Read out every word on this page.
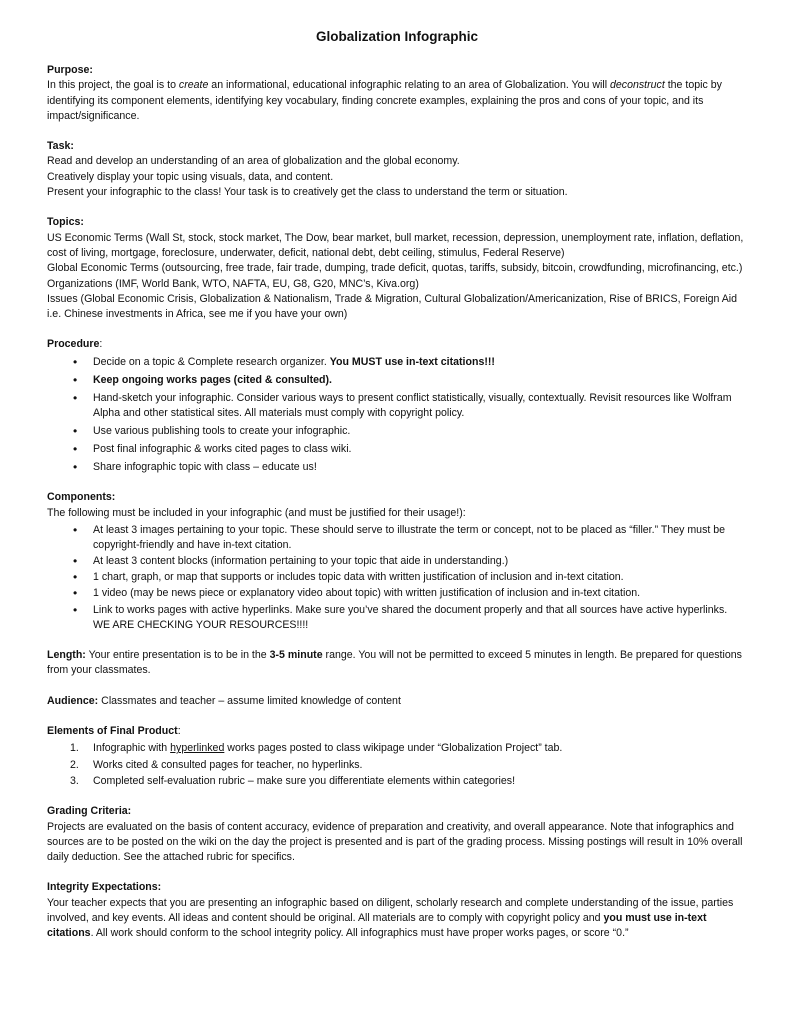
Globalization Infographic

Purpose:

In this project, the goal is to create an informational, educational infographic relating to an area of Globalization. You will deconstruct the topic by identifying its component elements, identifying key vocabulary, finding concrete examples, explaining the pros and cons of your topic, and its impact/significance.

Task:

Read and develop an understanding of an area of globalization and the global economy.

Creatively display your topic using visuals, data, and content.

Present your infographic to the class! Your task is to creatively get the class to understand the term or situation.

Topics:

US Economic Terms (Wall St, stock, stock market, The Dow, bear market, bull market, recession, depression, unemployment rate, inflation, deflation, cost of living, mortgage, foreclosure, underwater, deficit, national debt, debt ceiling, stimulus, Federal Reserve)

Global Economic Terms (outsourcing, free trade, fair trade, dumping, trade deficit, quotas, tariffs, subsidy, bitcoin, crowdfunding, microfinancing, etc.)

Organizations (IMF, World Bank, WTO, NAFTA, EU, G8, G20, MNC’s, Kiva.org)

Issues (Global Economic Crisis, Globalization & Nationalism, Trade & Migration, Cultural Globalization/Americanization, Rise of BRICS, Foreign Aid i.e. Chinese investments in Africa, see me if you have your own)

Procedure:

• Decide on a topic & Complete research organizer. You MUST use in-text citations!!!
• Keep ongoing works pages (cited & consulted).
• Hand-sketch your infographic. Consider various ways to present conflict statistically, visually, contextually. Revisit resources like Wolfram Alpha and other statistical sites. All materials must comply with copyright policy.
• Use various publishing tools to create your infographic.
• Post final infographic & works cited pages to class wiki.
• Share infographic topic with class – educate us!

Components:

The following must be included in your infographic (and must be justified for their usage!):

• At least 3 images pertaining to your topic. These should serve to illustrate the term or concept, not to be placed as “filler.” They must be copyright-friendly and have in-text citation.
• At least 3 content blocks (information pertaining to your topic that aide in understanding.)
• 1 chart, graph, or map that supports or includes topic data with written justification of inclusion and in-text citation.
• 1 video (may be news piece or explanatory video about topic) with written justification of inclusion and in-text citation.
• Link to works pages with active hyperlinks. Make sure you’ve shared the document properly and that all sources have active hyperlinks. WE ARE CHECKING YOUR RESOURCES!!!!

Length: Your entire presentation is to be in the 3-5 minute range. You will not be permitted to exceed 5 minutes in length. Be prepared for questions from your classmates.

Audience: Classmates and teacher – assume limited knowledge of content

Elements of Final Product:

1. Infographic with hyperlinked works pages posted to class wikipage under “Globalization Project” tab.
2. Works cited & consulted pages for teacher, no hyperlinks.
3. Completed self-evaluation rubric – make sure you differentiate elements within categories!

Grading Criteria:

Projects are evaluated on the basis of content accuracy, evidence of preparation and creativity, and overall appearance. Note that infographics and sources are to be posted on the wiki on the day the project is presented and is part of the grading process. Missing postings will result in 10% overall daily deduction. See the attached rubric for specifics.

Integrity Expectations:

Your teacher expects that you are presenting an infographic based on diligent, scholarly research and complete understanding of the issue, parties involved, and key events. All ideas and content should be original. All materials are to comply with copyright policy and you must use in-text citations. All work should conform to the school integrity policy. All infographics must have proper works pages, or score “0.”
